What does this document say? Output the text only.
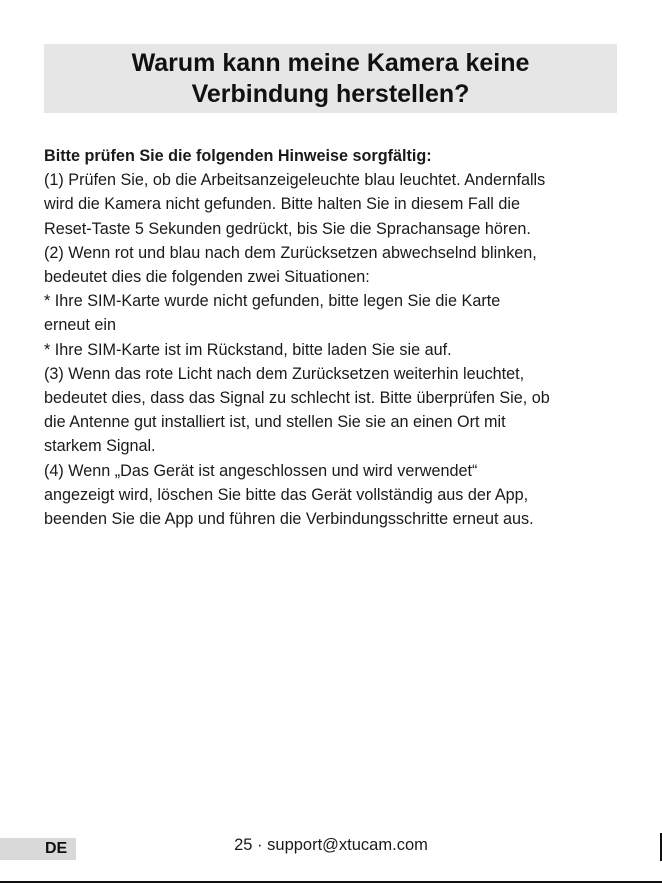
Warum kann meine Kamera keine
Verbindung herstellen?
Bitte prüfen Sie die folgenden Hinweise sorgfältig:
(1) Prüfen Sie, ob die Arbeitsanzeigeleuchte blau leuchtet. Andernfalls
wird die Kamera nicht gefunden. Bitte halten Sie in diesem Fall die
Reset-Taste 5 Sekunden gedrückt, bis Sie die Sprachansage hören.
(2) Wenn rot und blau nach dem Zurücksetzen abwechselnd blinken,
bedeutet dies die folgenden zwei Situationen:
* Ihre SIM-Karte wurde nicht gefunden, bitte legen Sie die Karte
erneut ein
* Ihre SIM-Karte ist im Rückstand, bitte laden Sie sie auf.
(3) Wenn das rote Licht nach dem Zurücksetzen weiterhin leuchtet,
bedeutet dies, dass das Signal zu schlecht ist. Bitte überprüfen Sie, ob
die Antenne gut installiert ist, und stellen Sie sie an einen Ort mit
starkem Signal.
(4) Wenn „Das Gerät ist angeschlossen und wird verwendet“
angezeigt wird, löschen Sie bitte das Gerät vollständig aus der App,
beenden Sie die App und führen die Verbindungsschritte erneut aus.
DE	25 · support@xtucam.com
